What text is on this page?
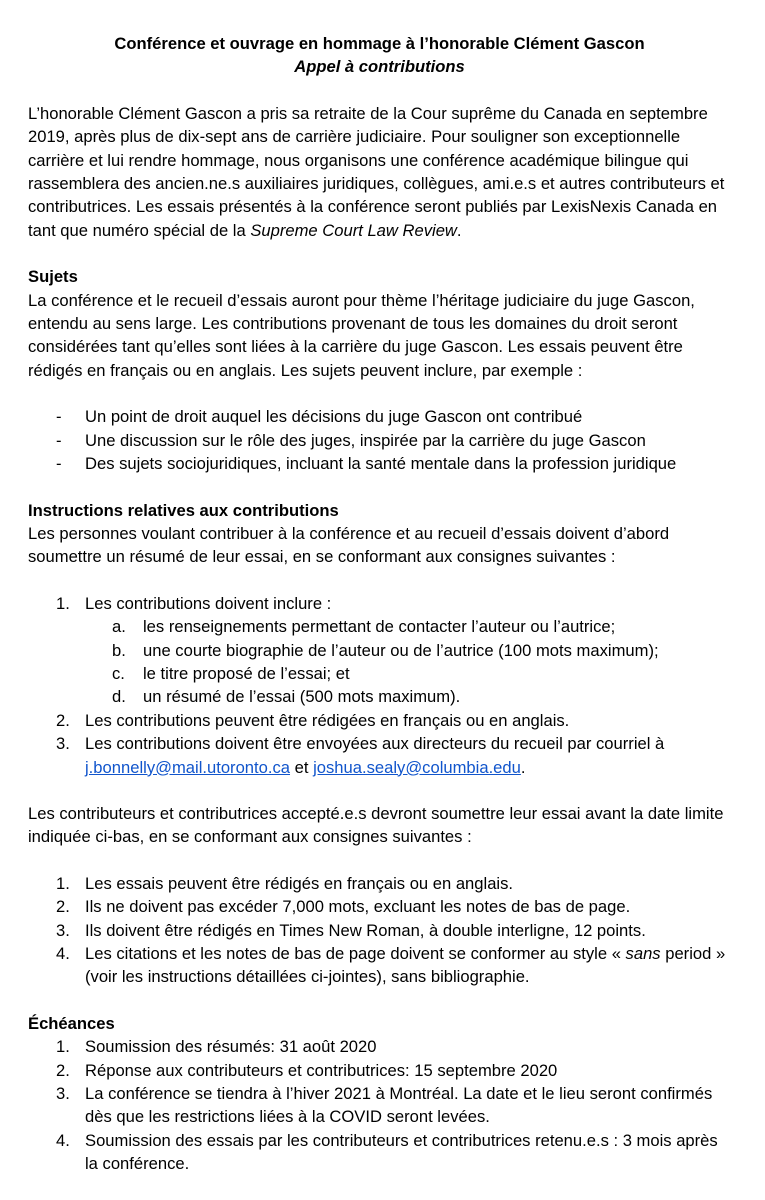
Conférence et ouvrage en hommage à l’honorable Clément Gascon

Appel à contributions

L’honorable Clément Gascon a pris sa retraite de la Cour suprême du Canada en septembre 2019, après plus de dix-sept ans de carrière judiciaire. Pour souligner son exceptionnelle carrière et lui rendre hommage, nous organisons une conférence académique bilingue qui rassemblera des ancien.ne.s auxiliaires juridiques, collègues, ami.e.s et autres contributeurs et contributrices. Les essais présentés à la conférence seront publiés par LexisNexis Canada en tant que numéro spécial de la Supreme Court Law Review.

Sujets

La conférence et le recueil d’essais auront pour thème l’héritage judiciaire du juge Gascon, entendu au sens large. Les contributions provenant de tous les domaines du droit seront considérées tant qu’elles sont liées à la carrière du juge Gascon. Les essais peuvent être rédigés en français ou en anglais. Les sujets peuvent inclure, par exemple :

- Un point de droit auquel les décisions du juge Gascon ont contribué
- Une discussion sur le rôle des juges, inspirée par la carrière du juge Gascon
- Des sujets sociojuridiques, incluant la santé mentale dans la profession juridique

Instructions relatives aux contributions

Les personnes voulant contribuer à la conférence et au recueil d’essais doivent d’abord soumettre un résumé de leur essai, en se conformant aux consignes suivantes :

1. Les contributions doivent inclure :
a. les renseignements permettant de contacter l’auteur ou l’autrice;
b. une courte biographie de l’auteur ou de l’autrice (100 mots maximum);
c. le titre proposé de l’essai; et
d. un résumé de l’essai (500 mots maximum).
2. Les contributions peuvent être rédigées en français ou en anglais.
3. Les contributions doivent être envoyées aux directeurs du recueil par courriel à j.bonnelly@mail.utoronto.ca et joshua.sealy@columbia.edu.

Les contributeurs et contributrices accepté.e.s devront soumettre leur essai avant la date limite indiquée ci-bas, en se conformant aux consignes suivantes :

1. Les essais peuvent être rédigés en français ou en anglais.
2. Ils ne doivent pas excéder 7,000 mots, excluant les notes de bas de page.
3. Ils doivent être rédigés en Times New Roman, à double interligne, 12 points.
4. Les citations et les notes de bas de page doivent se conformer au style « sans period » (voir les instructions détaillées ci-jointes), sans bibliographie.

Échéances

1. Soumission des résumés: 31 août 2020
2. Réponse aux contributeurs et contributrices: 15 septembre 2020
3. La conférence se tiendra à l’hiver 2021 à Montréal. La date et le lieu seront confirmés dès que les restrictions liées à la COVID seront levées.
4. Soumission des essais par les contributeurs et contributrices retenu.e.s : 3 mois après la conférence.
